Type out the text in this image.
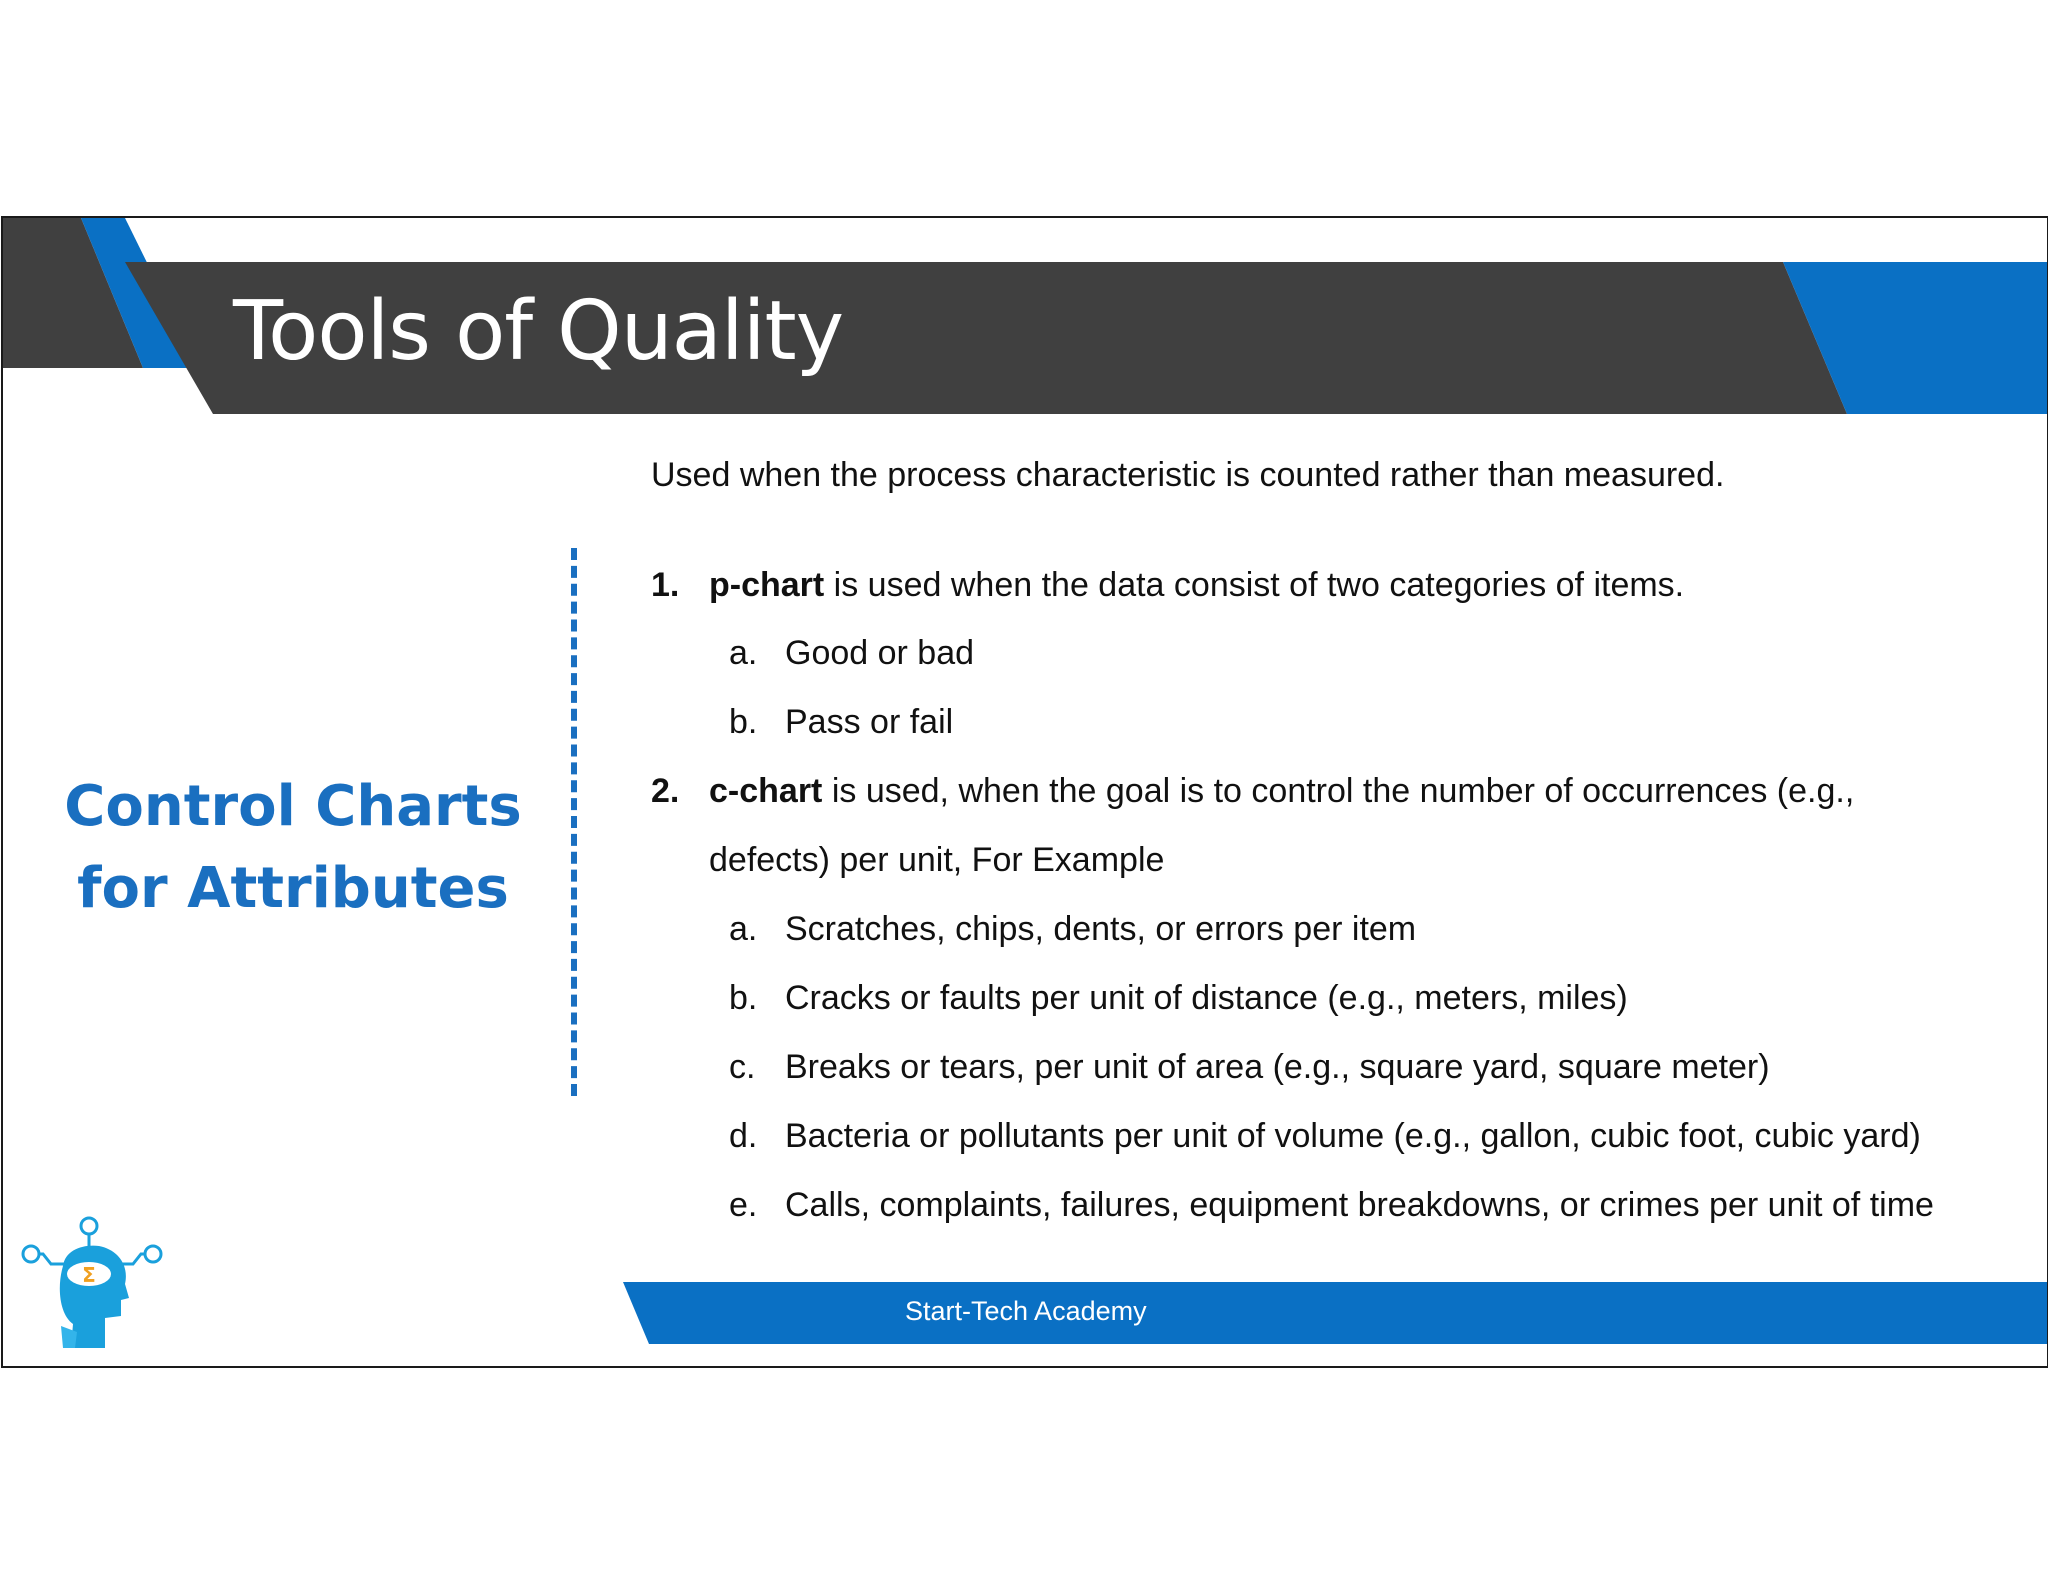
Tools of Quality
Control Charts
for Attributes
Used when the process characteristic is counted rather than measured.
1. p-chart is used when the data consist of two categories of items.
a. Good or bad
b. Pass or fail
2. c-chart is used, when the goal is to control the number of occurrences (e.g.,
defects) per unit, For Example
a. Scratches, chips, dents, or errors per item
b. Cracks or faults per unit of distance (e.g., meters, miles)
c. Breaks or tears, per unit of area (e.g., square yard, square meter)
d. Bacteria or pollutants per unit of volume (e.g., gallon, cubic foot, cubic yard)
e. Calls, complaints, failures, equipment breakdowns, or crimes per unit of time
Start-Tech Academy
Σ
